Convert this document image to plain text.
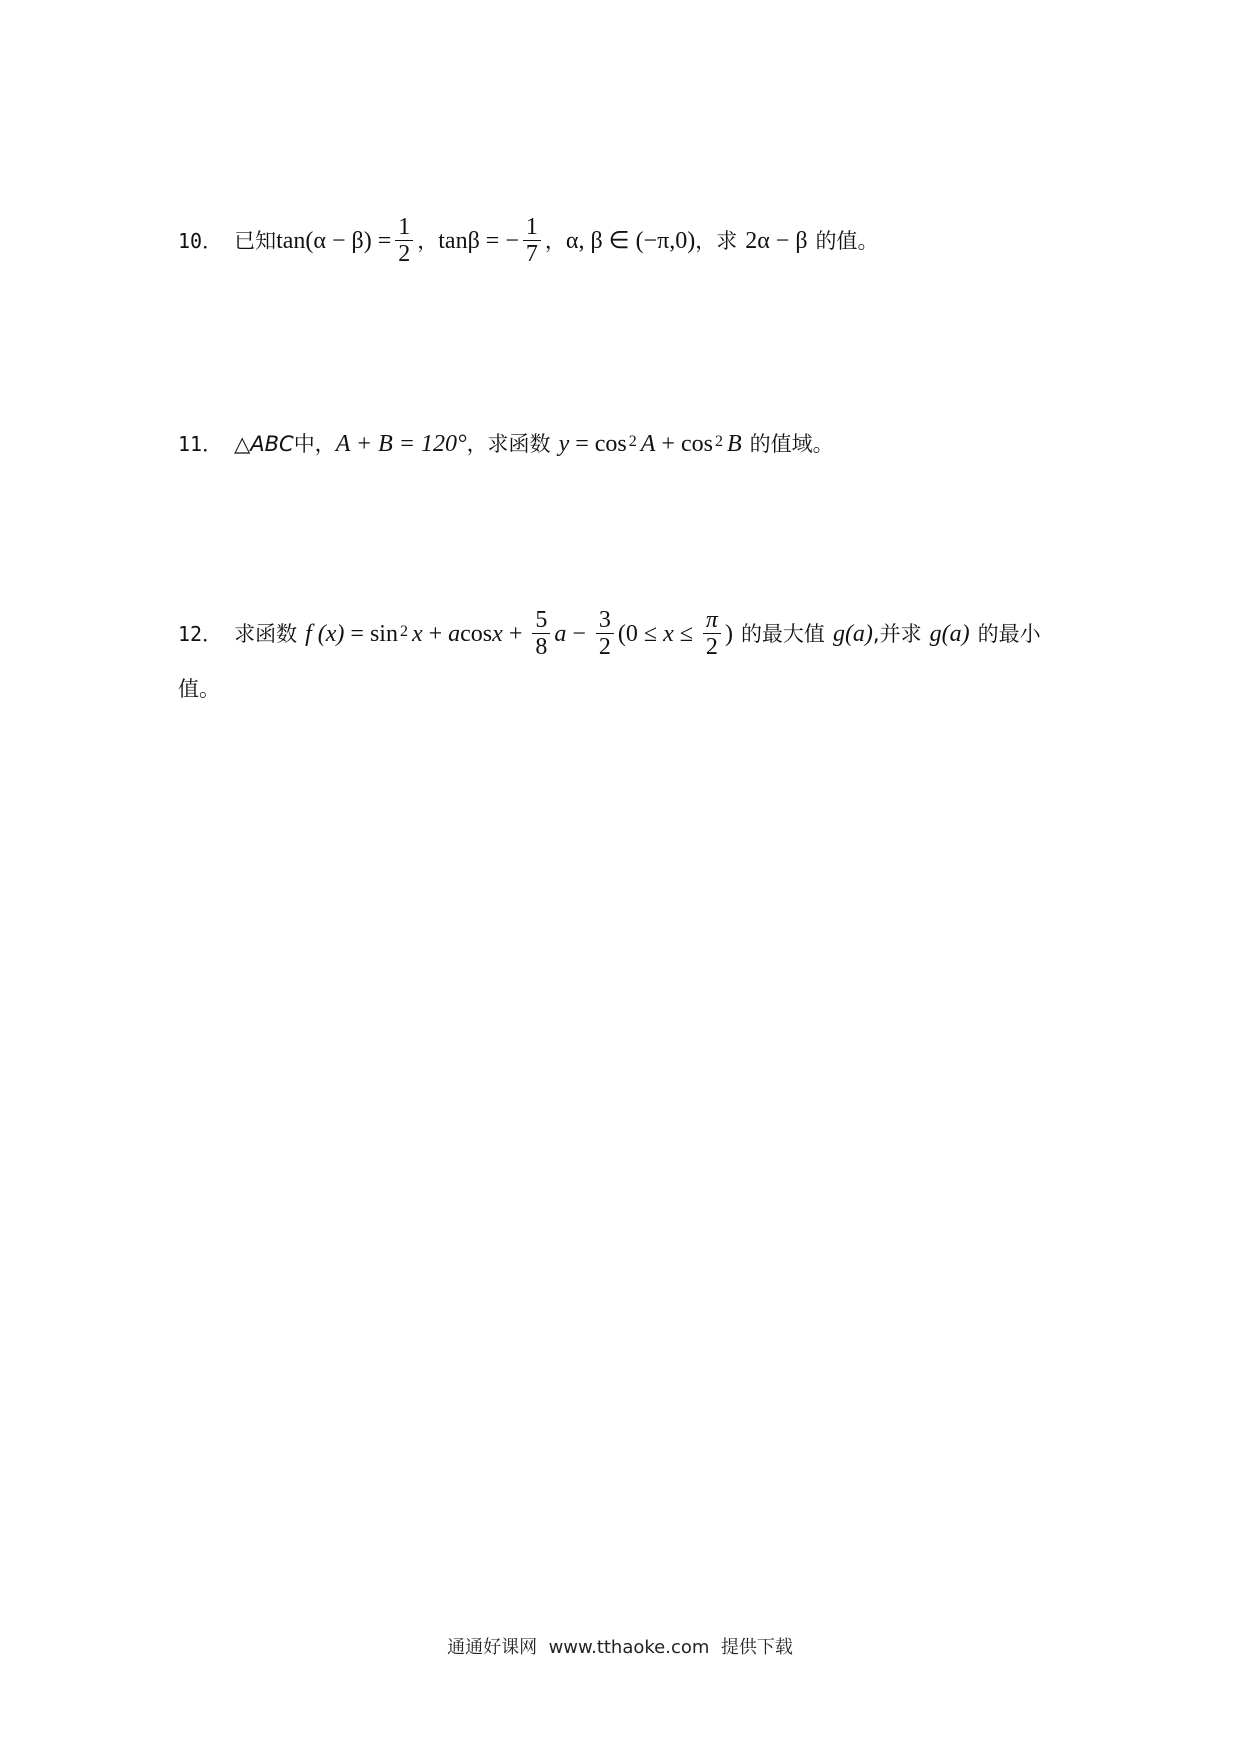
10． 已知 $\tan(\alpha - \beta) = \frac{1}{2}$ ， tanβ = − $\frac{1}{7}$ ， α, β ∈ (−π,0) ，求 2α − β 的值。
11． △ ABC 中， A + B = 120° ，求函数 y = cos 2 A + cos 2 B 的值域。
12． 求函数 f (x) = sin 2 x + a $\cos x + \frac{5}{8}$ $a - \frac{3}{2} (0 \le x \le \frac{\pi}{2}$ ) 的最大值 g(a) ,并求 g(a) 的最小
值。
通通好课网  www.tthaoke.com  提供下载
